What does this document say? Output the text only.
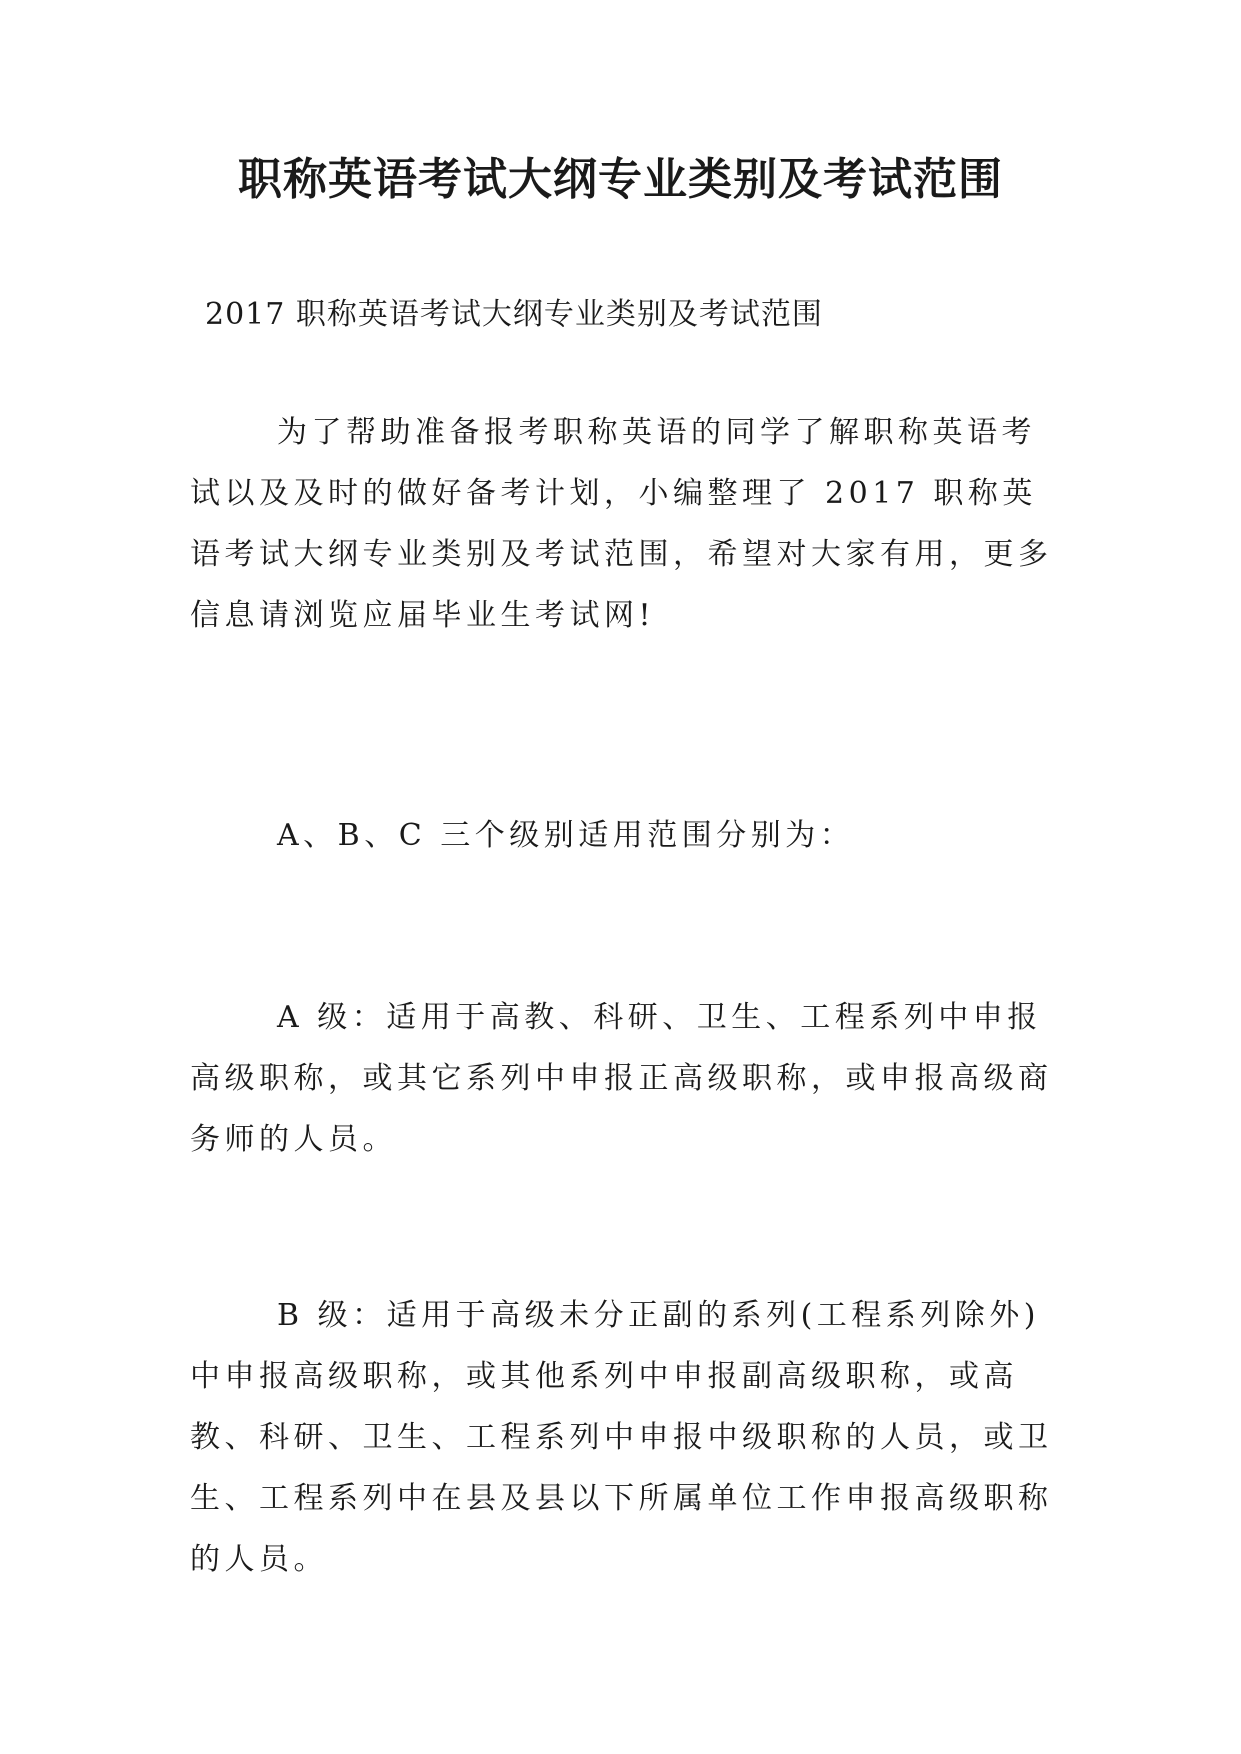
职称英语考试大纲专业类别及考试范围

2017 职称英语考试大纲专业类别及考试范围

为了帮助准备报考职称英语的同学了解职称英语考试以及及时的做好备考计划，小编整理了 2017 职称英语考试大纲专业类别及考试范围，希望对大家有用，更多信息请浏览应届毕业生考试网!

A、B、C 三个级别适用范围分别为：

A 级：适用于高教、科研、卫生、工程系列中申报高级职称，或其它系列中申报正高级职称，或申报高级商务师的人员。

B 级：适用于高级未分正副的系列(工程系列除外)中申报高级职称，或其他系列中申报副高级职称，或高教、科研、卫生、工程系列中申报中级职称的人员，或卫生、工程系列中在县及县以下所属单位工作申报高级职称的人员。
